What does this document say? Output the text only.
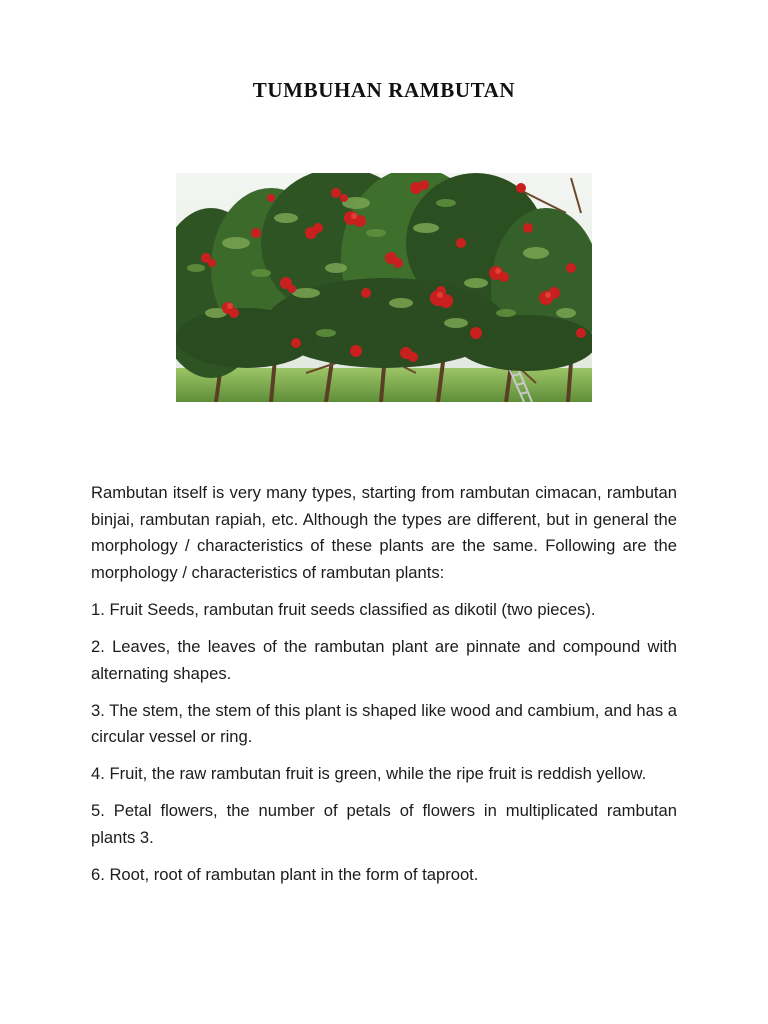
TUMBUHAN RAMBUTAN

Rambutan itself is very many types, starting from rambutan cimacan, rambutan binjai, rambutan rapiah, etc. Although the types are different, but in general the morphology / characteristics of these plants are the same. Following are the morphology / characteristics of rambutan plants:

1. Fruit Seeds, rambutan fruit seeds classified as dikotil (two pieces).

2. Leaves, the leaves of the rambutan plant are pinnate and compound with alternating shapes.

3. The stem, the stem of this plant is shaped like wood and cambium, and has a circular vessel or ring.

4. Fruit, the raw rambutan fruit is green, while the ripe fruit is reddish yellow.

5. Petal flowers, the number of petals of flowers in multiplicated rambutan plants 3.

6. Root, root of rambutan plant in the form of taproot.
